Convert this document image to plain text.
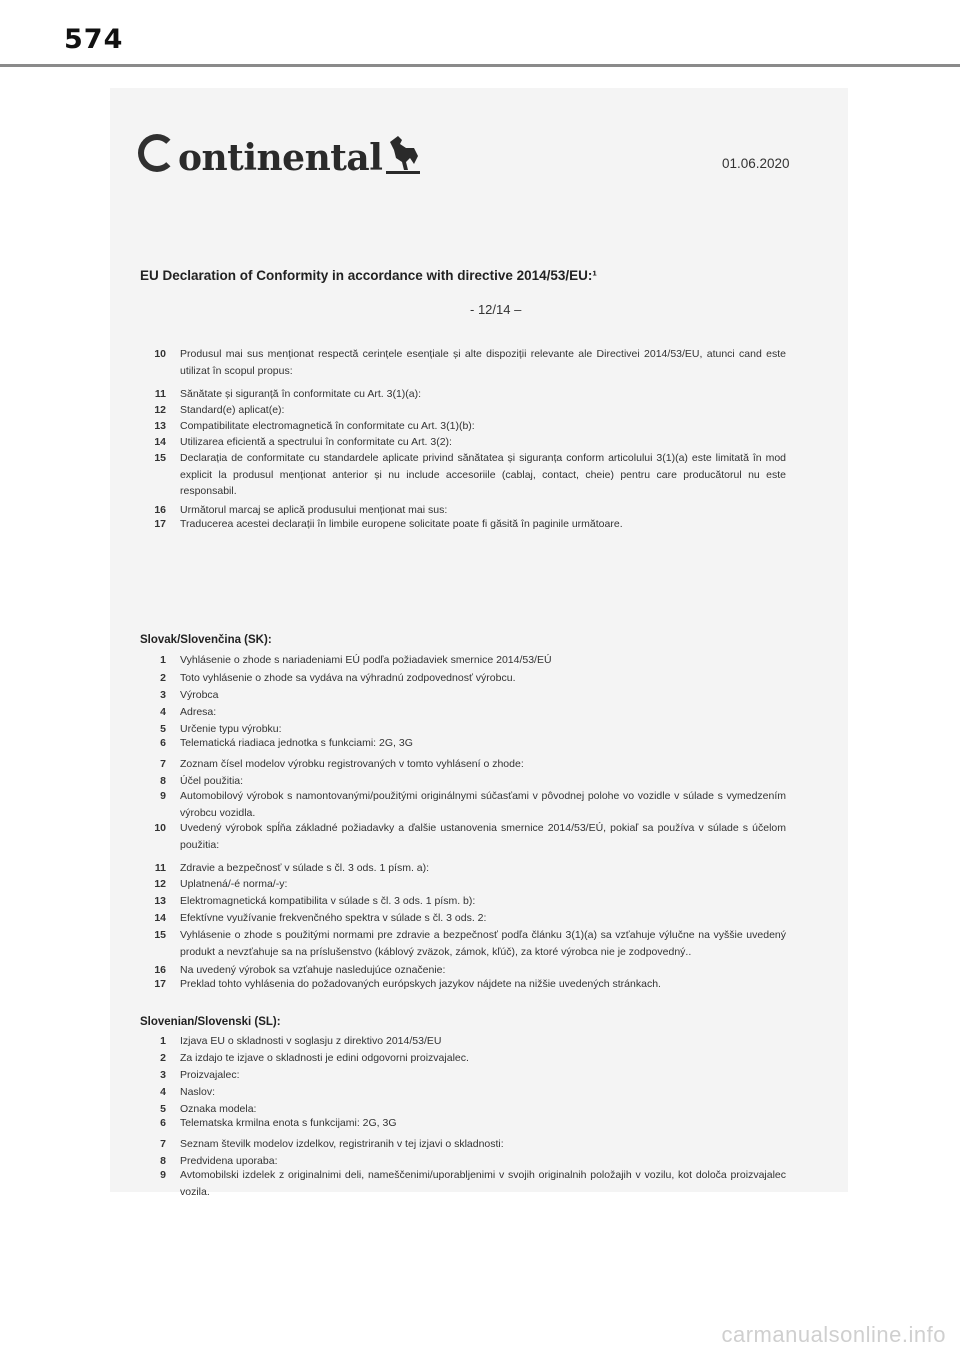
574
ontinental	01.06.2020
EU Declaration of Conformity in accordance with directive 2014/53/EU:¹
- 12/14 –
10 Produsul mai sus menționat respectă cerințele esențiale și alte dispoziții relevante ale Directivei 2014/53/EU, atunci cand este utilizat în scopul propus:
11 Sănătate și siguranță în conformitate cu Art. 3(1)(a):
12 Standard(e) aplicat(e):
13 Compatibilitate electromagnetică în conformitate cu Art. 3(1)(b):
14 Utilizarea eficientă a spectrului în conformitate cu Art. 3(2):
15 Declarația de conformitate cu standardele aplicate privind sănătatea și siguranța conform articolului 3(1)(a) este limitată în mod explicit la produsul menționat anterior și nu include accesoriile (cablaj, contact, cheie) pentru care producătorul nu este responsabil.
16 Următorul marcaj se aplică produsului menționat mai sus:
17 Traducerea acestei declarații în limbile europene solicitate poate fi găsită în paginile următoare.
Slovak/Slovenčina (SK):
1 Vyhlásenie o zhode s nariadeniami EÚ podľa požiadaviek smernice 2014/53/EÚ
2 Toto vyhlásenie o zhode sa vydáva na výhradnú zodpovednosť výrobcu.
3 Výrobca
4 Adresa:
5 Určenie typu výrobku:
6 Telematická riadiaca jednotka s funkciami: 2G, 3G
7 Zoznam čísel modelov výrobku registrovaných v tomto vyhlásení o zhode:
8 Účel použitia:
9 Automobilový výrobok s namontovanými/použitými originálnymi súčasťami v pôvodnej polohe vo vozidle v súlade s vymedzením výrobcu vozidla.
10 Uvedený výrobok spĺňa základné požiadavky a ďalšie ustanovenia smernice 2014/53/EÚ, pokiaľ sa používa v súlade s účelom použitia:
11 Zdravie a bezpečnosť v súlade s čl. 3 ods. 1 písm. a):
12 Uplatnená/-é norma/-y:
13 Elektromagnetická kompatibilita v súlade s čl. 3 ods. 1 písm. b):
14 Efektívne využívanie frekvenčného spektra v súlade s čl. 3 ods. 2:
15 Vyhlásenie o zhode s použitými normami pre zdravie a bezpečnosť podľa článku 3(1)(a) sa vzťahuje výlučne na vyššie uvedený produkt a nevzťahuje sa na príslušenstvo (káblový zväzok, zámok, kľúč), za ktoré výrobca nie je zodpovedný..
16 Na uvedený výrobok sa vzťahuje nasledujúce označenie:
17 Preklad tohto vyhlásenia do požadovaných európskych jazykov nájdete na nižšie uvedených stránkach.
Slovenian/Slovenski (SL):
1 Izjava EU o skladnosti v soglasju z direktivo 2014/53/EU
2 Za izdajo te izjave o skladnosti je edini odgovorni proizvajalec.
3 Proizvajalec:
4 Naslov:
5 Oznaka modela:
6 Telematska krmilna enota s funkcijami: 2G, 3G
7 Seznam številk modelov izdelkov, registriranih v tej izjavi o skladnosti:
8 Predvidena uporaba:
9 Avtomobilski izdelek z originalnimi deli, nameščenimi/uporabljenimi v svojih originalnih položajih v vozilu, kot določa proizvajalec vozila.
carmanualsonline.info
